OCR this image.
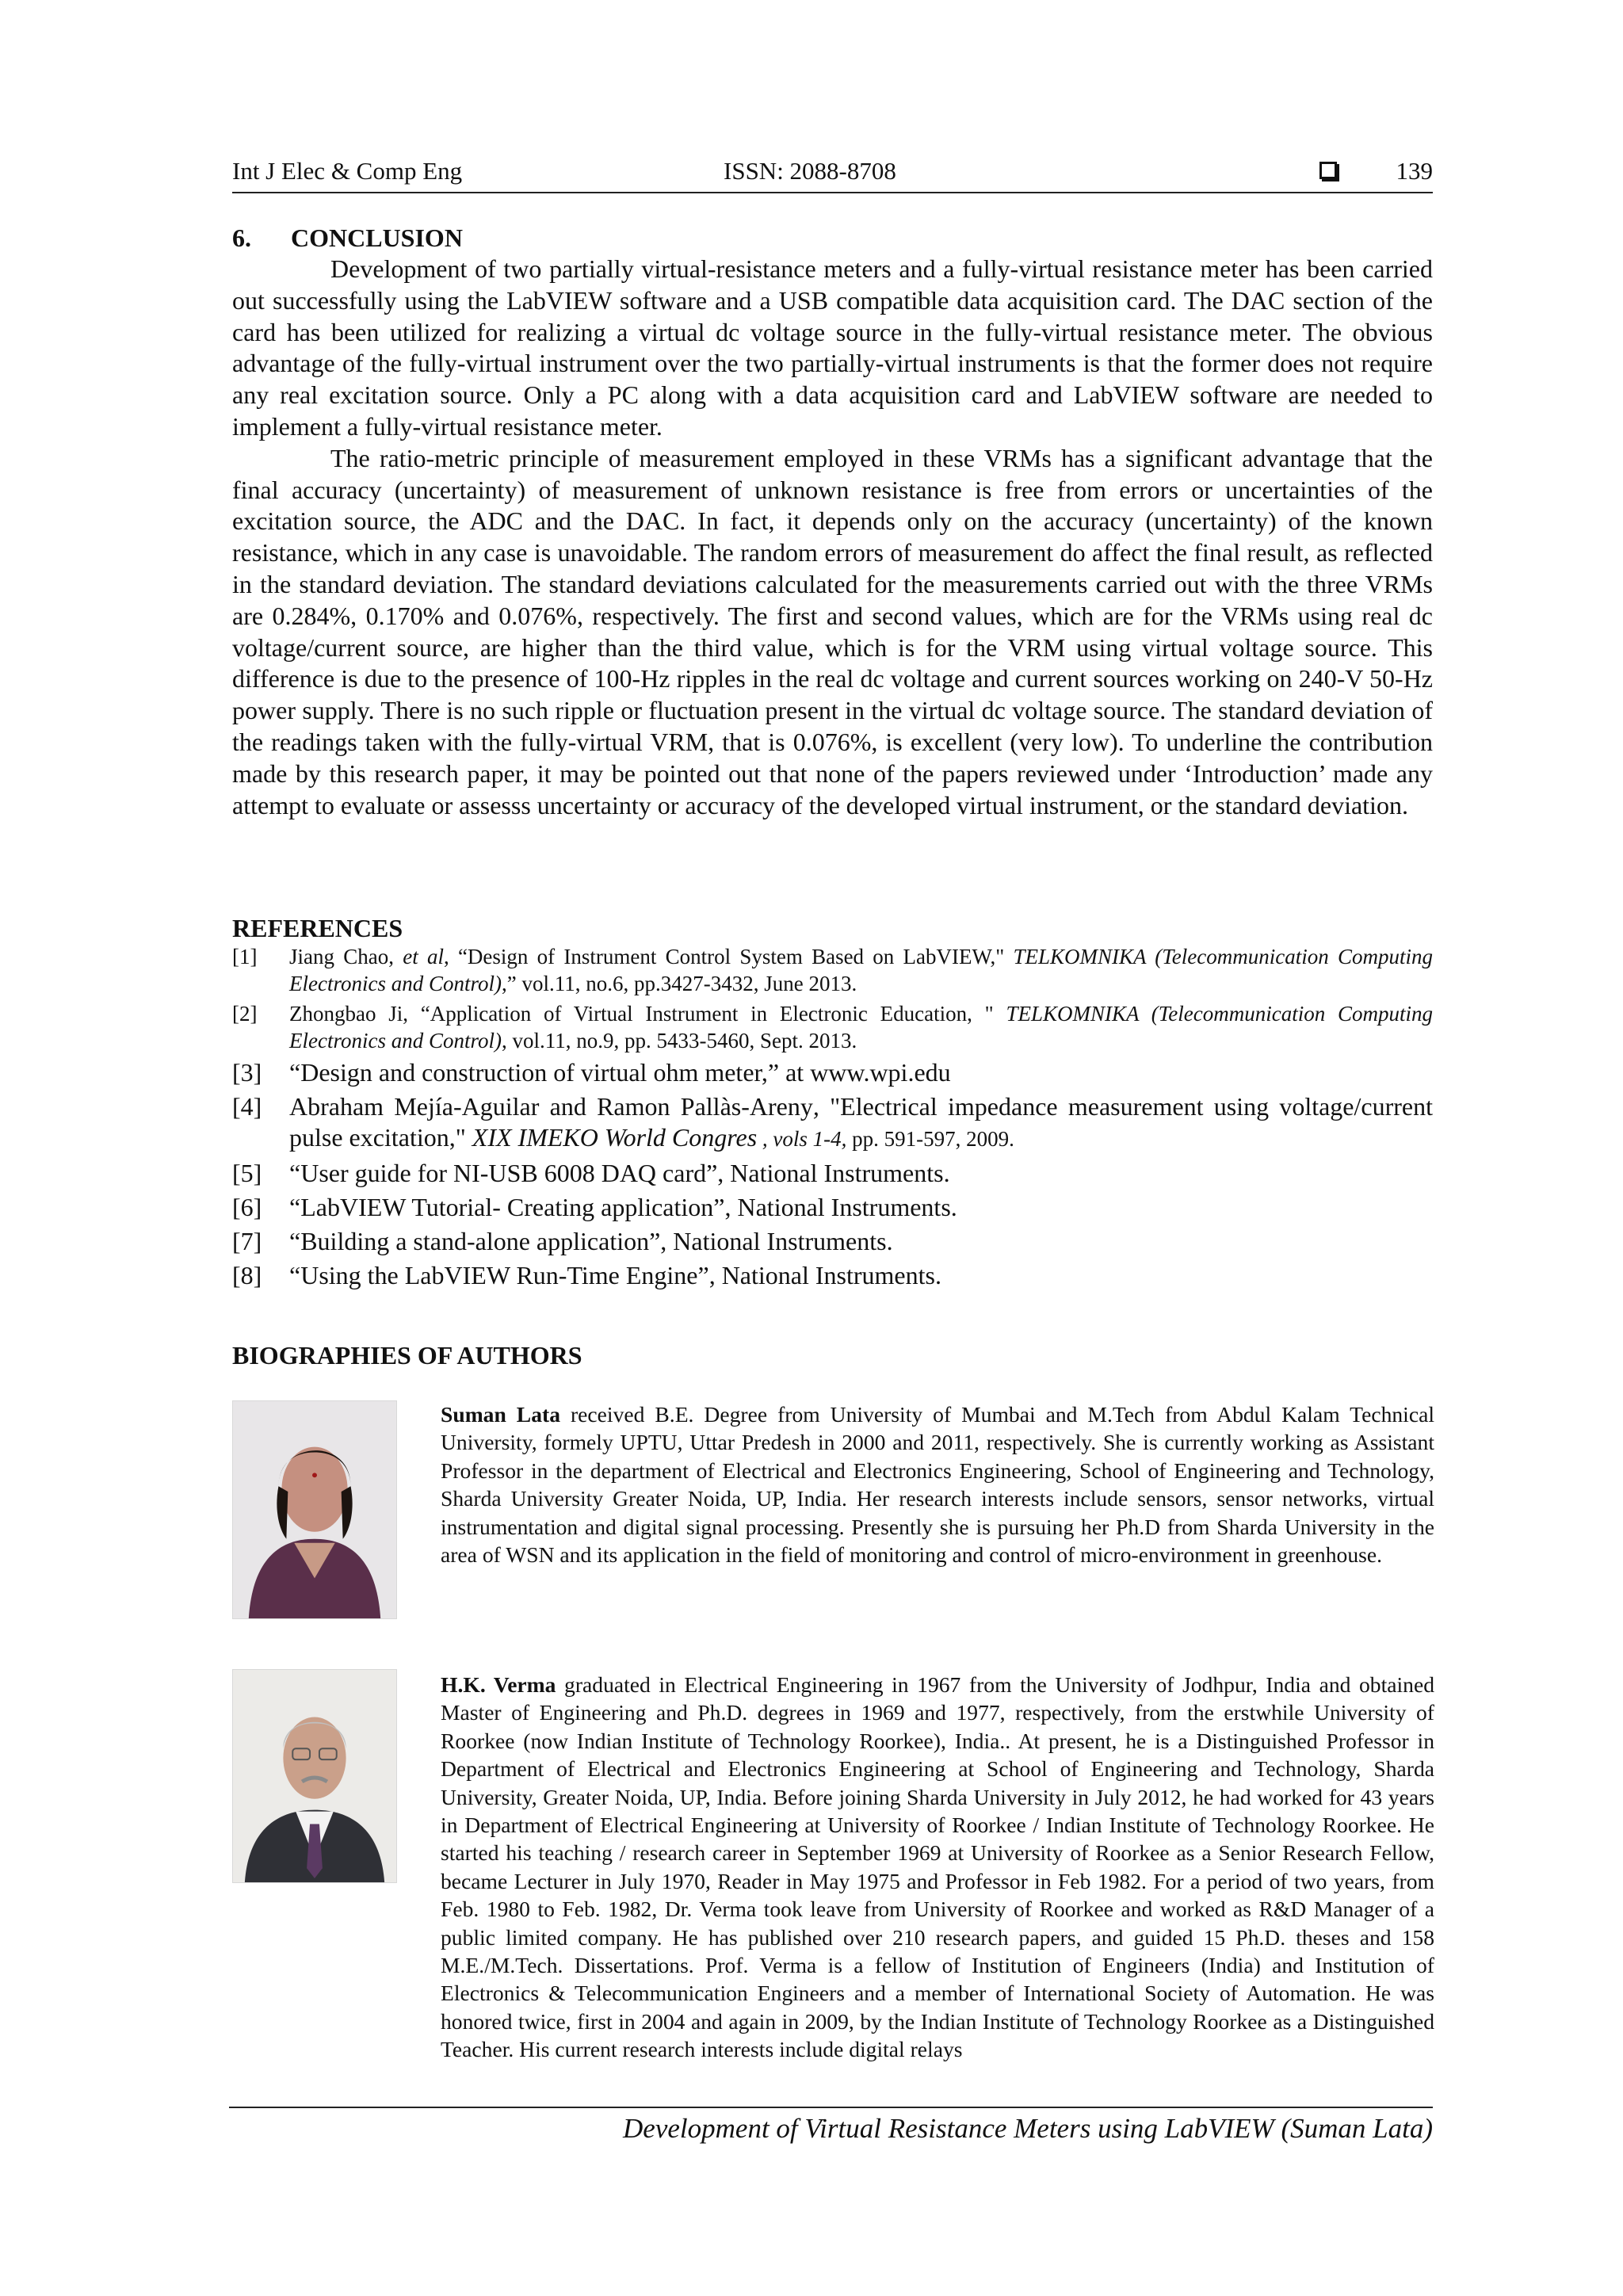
Int J Elec & Comp Eng	ISSN: 2088-8708	139
6. CONCLUSION

Development of two partially virtual-resistance meters and a fully-virtual resistance meter has been carried out successfully using the LabVIEW software and a USB compatible data acquisition card. The DAC section of the card has been utilized for realizing a virtual dc voltage source in the fully-virtual resistance meter. The obvious advantage of the fully-virtual instrument over the two partially-virtual instruments is that the former does not require any real excitation source. Only a PC along with a data acquisition card and LabVIEW software are needed to implement a fully-virtual resistance meter.

The ratio-metric principle of measurement employed in these VRMs has a significant advantage that the final accuracy (uncertainty) of measurement of unknown resistance is free from errors or uncertainties of the excitation source, the ADC and the DAC. In fact, it depends only on the accuracy (uncertainty) of the known resistance, which in any case is unavoidable. The random errors of measurement do affect the final result, as reflected in the standard deviation. The standard deviations calculated for the measurements carried out with the three VRMs are 0.284%, 0.170% and 0.076%, respectively. The first and second values, which are for the VRMs using real dc voltage/current source, are higher than the third value, which is for the VRM using virtual voltage source. This difference is due to the presence of 100-Hz ripples in the real dc voltage and current sources working on 240-V 50-Hz power supply. There is no such ripple or fluctuation present in the virtual dc voltage source. The standard deviation of the readings taken with the fully-virtual VRM, that is 0.076%, is excellent (very low). To underline the contribution made by this research paper, it may be pointed out that none of the papers reviewed under ‘Introduction’ made any attempt to evaluate or assesss uncertainty or accuracy of the developed virtual instrument, or the standard deviation.

REFERENCES
[1] Jiang Chao, et al, “Design of Instrument Control System Based on LabVIEW," TELKOMNIKA (Telecommunication Computing Electronics and Control),” vol.11, no.6, pp.3427-3432, June 2013.
[2] Zhongbao Ji, “Application of Virtual Instrument in Electronic Education, " TELKOMNIKA (Telecommunication Computing Electronics and Control), vol.11, no.9, pp. 5433-5460, Sept. 2013.
[3] “Design and construction of virtual ohm meter,” at www.wpi.edu
[4] Abraham Mejía-Aguilar and Ramon Pallàs-Areny, "Electrical impedance measurement using voltage/current pulse excitation," XIX IMEKO World Congres , vols 1-4, pp. 591-597, 2009.
[5] “User guide for NI-USB 6008 DAQ card”, National Instruments.
[6] “LabVIEW Tutorial- Creating application”, National Instruments.
[7] “Building a stand-alone application”, National Instruments.
[8] “Using the LabVIEW Run-Time Engine”, National Instruments.
BIOGRAPHIES OF AUTHORS
Suman Lata received B.E. Degree from University of Mumbai and M.Tech from Abdul Kalam Technical University, formely UPTU, Uttar Predesh in 2000 and 2011, respectively. She is currently working as Assistant Professor in the department of Electrical and Electronics Engineering, School of Engineering and Technology, Sharda University Greater Noida, UP, India. Her research interests include sensors, sensor networks, virtual instrumentation and digital signal processing. Presently she is pursuing her Ph.D from Sharda University in the area of WSN and its application in the field of monitoring and control of micro-environment in greenhouse.
H.K. Verma graduated in Electrical Engineering in 1967 from the University of Jodhpur, India and obtained Master of Engineering and Ph.D. degrees in 1969 and 1977, respectively, from the erstwhile University of Roorkee (now Indian Institute of Technology Roorkee), India.. At present, he is a Distinguished Professor in Department of Electrical and Electronics Engineering at School of Engineering and Technology, Sharda University, Greater Noida, UP, India. Before joining Sharda University in July 2012, he had worked for 43 years in Department of Electrical Engineering at University of Roorkee / Indian Institute of Technology Roorkee. He started his teaching / research career in September 1969 at University of Roorkee as a Senior Research Fellow, became Lecturer in July 1970, Reader in May 1975 and Professor in Feb 1982. For a period of two years, from Feb. 1980 to Feb. 1982, Dr. Verma took leave from University of Roorkee and worked as R&D Manager of a public limited company. He has published over 210 research papers, and guided 15 Ph.D. theses and 158 M.E./M.Tech. Dissertations. Prof. Verma is a fellow of Institution of Engineers (India) and Institution of Electronics & Telecommunication Engineers and a member of International Society of Automation. He was honored twice, first in 2004 and again in 2009, by the Indian Institute of Technology Roorkee as a Distinguished Teacher. His current research interests include digital relays
Development of Virtual Resistance Meters using LabVIEW (Suman Lata)
